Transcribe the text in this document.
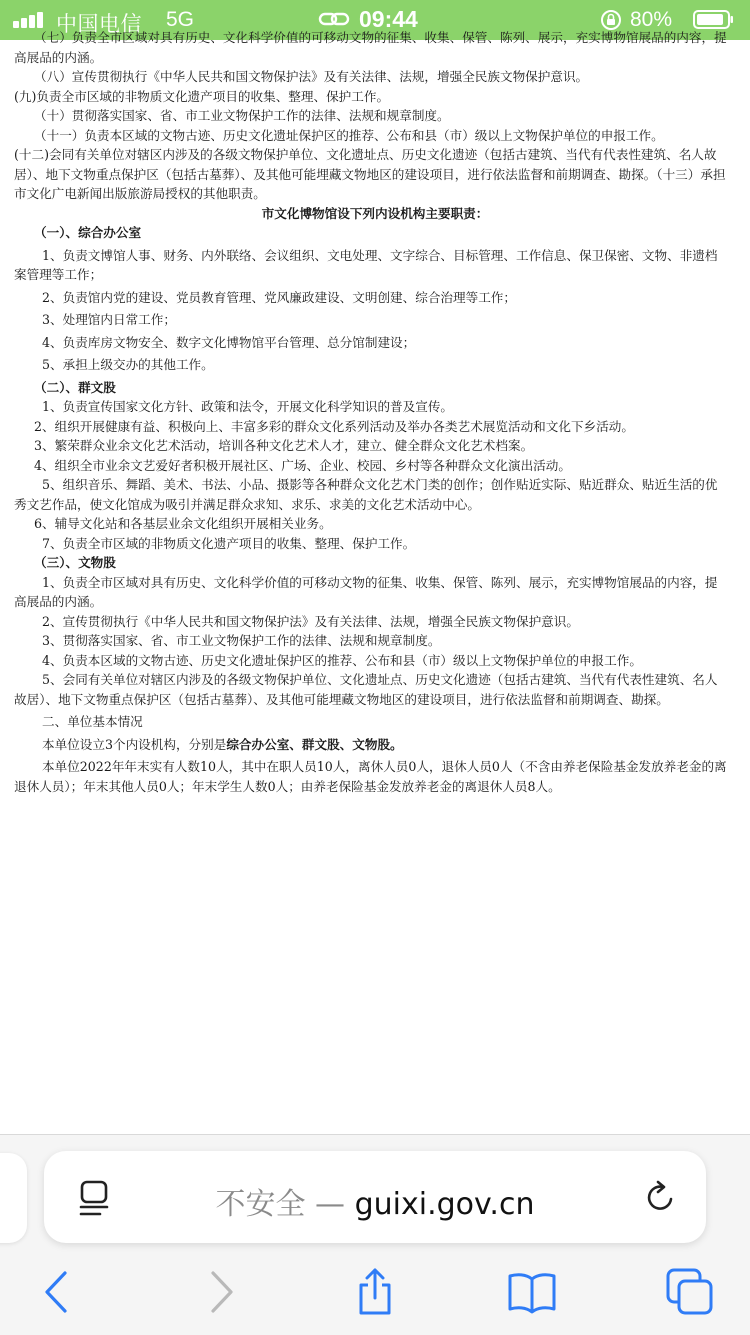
中国电信 5G	09:44	80%

（七）负责全市区域对具有历史、文化科学价值的可移动文物的征集、收集、保管、陈列、展示，充实博物馆展品的内容，提高展品的内涵。

（八）宣传贯彻执行《中华人民共和国文物保护法》及有关法律、法规，增强全民族文物保护意识。

(九)负责全市区域的非物质文化遗产项目的收集、整理、保护工作。

（十）贯彻落实国家、省、市工业文物保护工作的法律、法规和规章制度。

（十一）负责本区域的文物古迹、历史文化遗址保护区的推荐、公布和县（市）级以上文物保护单位的申报工作。

(十二)会同有关单位对辖区内涉及的各级文物保护单位、文化遗址点、历史文化遗迹（包括古建筑、当代有代表性建筑、名人故居）、地下文物重点保护区（包括古墓葬）、及其他可能埋藏文物地区的建设项目，进行依法监督和前期调查、勘探。（十三）承担市文化广电新闻出版旅游局授权的其他职责。

市文化博物馆设下列内设机构主要职责：

（一）、综合办公室

1、负责文博馆人事、财务、内外联络、会议组织、文电处理、文字综合、目标管理、工作信息、保卫保密、文物、非遗档案管理等工作；

2、负责馆内党的建设、党员教育管理、党风廉政建设、文明创建、综合治理等工作；

3、处理馆内日常工作；

4、负责库房文物安全、数字文化博物馆平台管理、总分馆制建设；

5、承担上级交办的其他工作。

（二）、群文股

1、负责宣传国家文化方针、政策和法令，开展文化科学知识的普及宣传。

2、组织开展健康有益、积极向上、丰富多彩的群众文化系列活动及举办各类艺术展览活动和文化下乡活动。

3、繁荣群众业余文化艺术活动，培训各种文化艺术人才，建立、健全群众文化艺术档案。

4、组织全市业余文艺爱好者积极开展社区、广场、企业、校园、乡村等各种群众文化演出活动。

5、组织音乐、舞蹈、美术、书法、小品、摄影等各种群众文化艺术门类的创作；创作贴近实际、贴近群众、贴近生活的优秀文艺作品，使文化馆成为吸引并满足群众求知、求乐、求美的文化艺术活动中心。

6、辅导文化站和各基层业余文化组织开展相关业务。

7、负责全市区域的非物质文化遗产项目的收集、整理、保护工作。

（三）、文物股

1、负责全市区域对具有历史、文化科学价值的可移动文物的征集、收集、保管、陈列、展示，充实博物馆展品的内容，提高展品的内涵。

2、宣传贯彻执行《中华人民共和国文物保护法》及有关法律、法规，增强全民族文物保护意识。

3、贯彻落实国家、省、市工业文物保护工作的法律、法规和规章制度。

4、负责本区域的文物古迹、历史文化遗址保护区的推荐、公布和县（市）级以上文物保护单位的申报工作。

5、会同有关单位对辖区内涉及的各级文物保护单位、文化遗址点、历史文化遗迹（包括古建筑、当代有代表性建筑、名人故居）、地下文物重点保护区（包括古墓葬）、及其他可能埋藏文物地区的建设项目，进行依法监督和前期调查、勘探。

二、单位基本情况

本单位设立3个内设机构，分别是综合办公室、群文股、文物股。

本单位2022年年末实有人数10人，其中在职人员10人，离休人员0人，退休人员0人（不含由养老保险基金发放养老金的离退休人员）；年末其他人员0人；年末学生人数0人；由养老保险基金发放养老金的离退休人员8人。

不安全 — guixi.gov.cn
